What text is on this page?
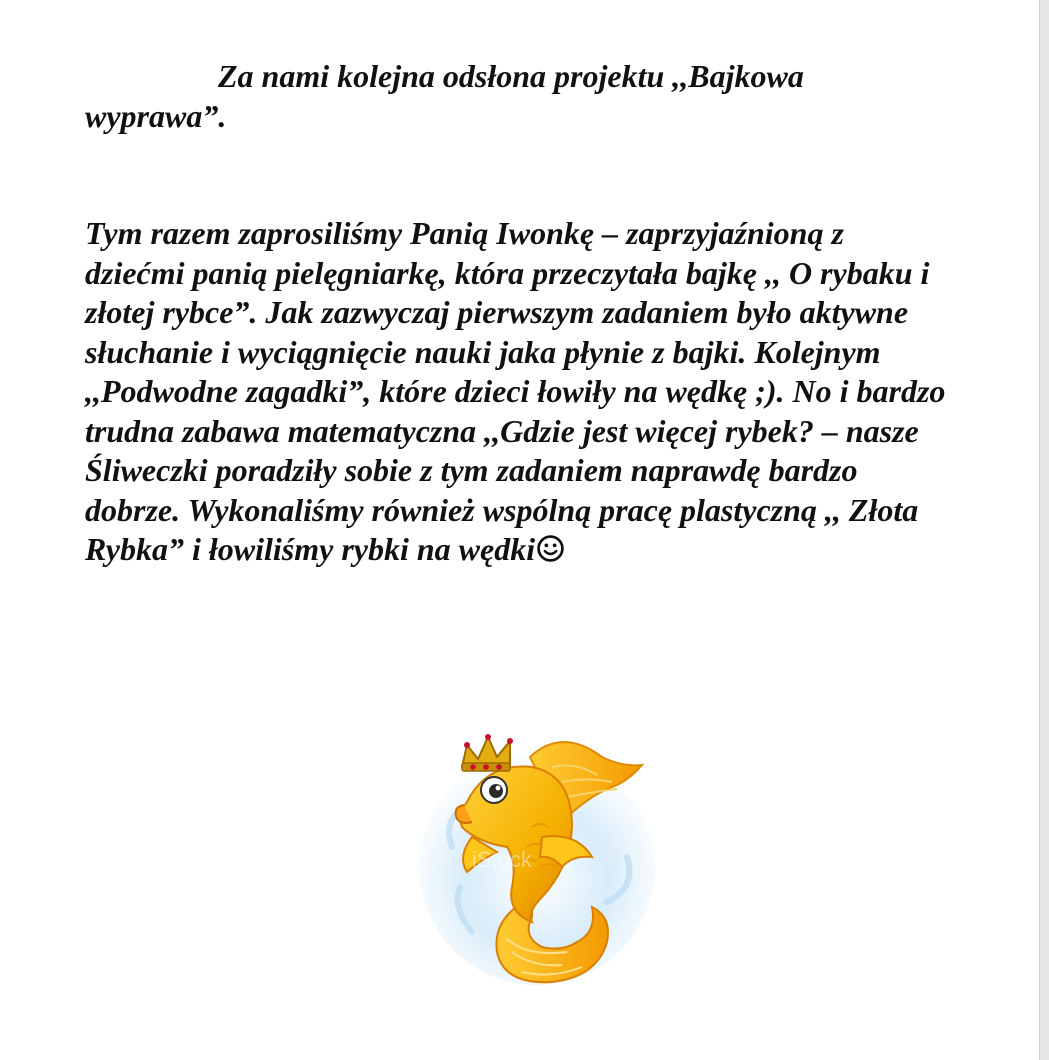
Za nami kolejna odsłona projektu ,,Bajkowa wyprawa”.

Tym razem zaprosiliśmy Panią Iwonkę – zaprzyjaźnioną z dziećmi panią pielęgniarkę, która przeczytała bajkę ,, O rybaku i złotej rybce”. Jak zazwyczaj pierwszym zadaniem było aktywne słuchanie i wyciągnięcie nauki jaka płynie z bajki. Kolejnym ,,Podwodne zagadki”, które dzieci łowiły na wędkę ;). No i bardzo trudna zabawa matematyczna ,,Gdzie jest więcej rybek? – nasze Śliweczki poradziły sobie z tym zadaniem naprawdę bardzo dobrze. Wykonaliśmy również wspólną pracę plastyczną ,, Złota Rybka” i łowiliśmy rybki na wędki

iStock
